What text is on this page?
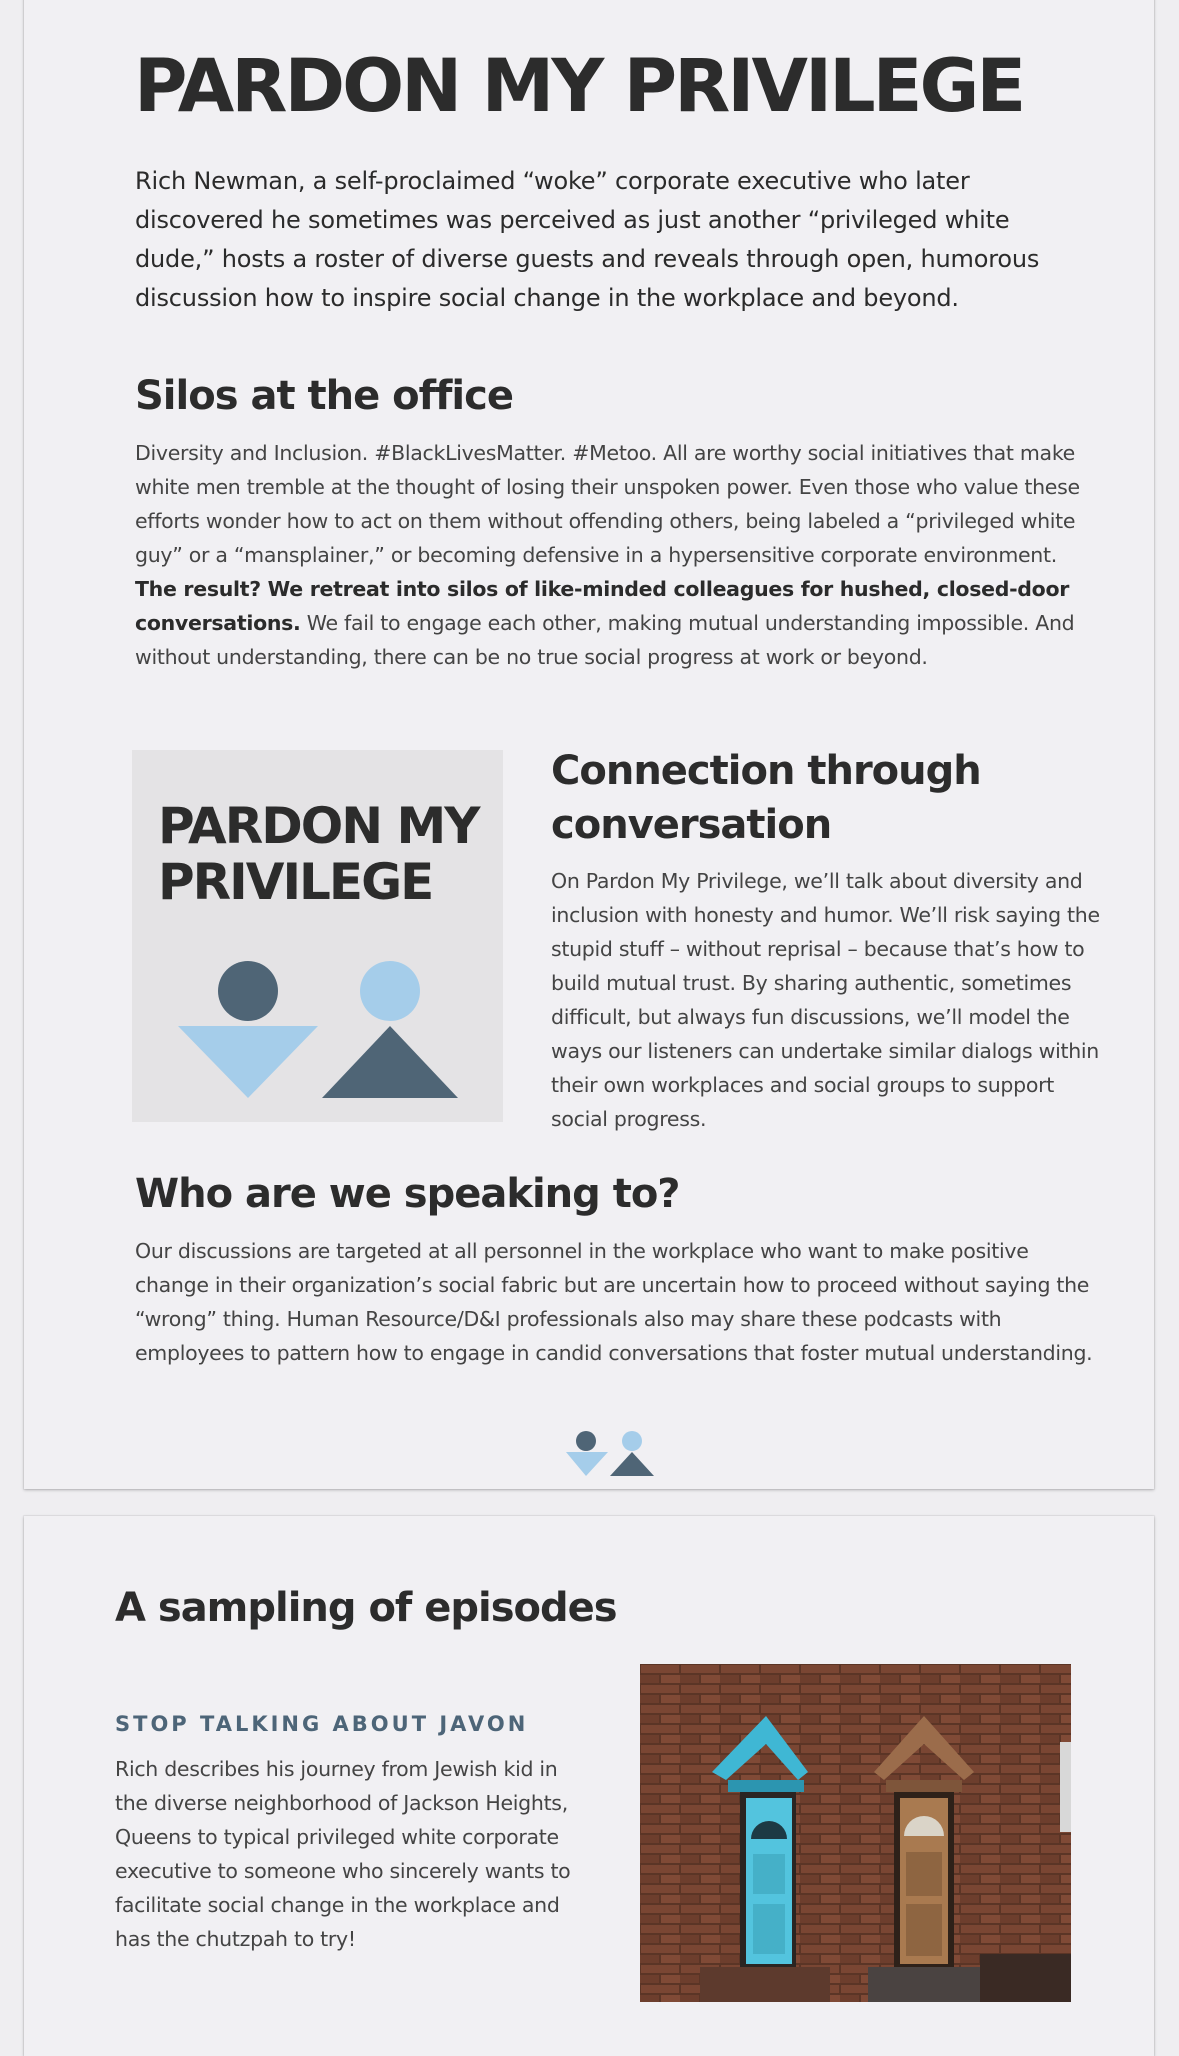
PARDON MY PRIVILEGE

Rich Newman, a self-proclaimed “woke” corporate executive who later discovered he sometimes was perceived as just another “privileged white dude,” hosts a roster of diverse guests and reveals through open, humorous discussion how to inspire social change in the workplace and beyond.

Silos at the office

Diversity and Inclusion. #BlackLivesMatter. #Metoo. All are worthy social initiatives that make white men tremble at the thought of losing their unspoken power. Even those who value these efforts wonder how to act on them without offending others, being labeled a “privileged white guy” or a “mansplainer,” or becoming defensive in a hypersensitive corporate environment. The result? We retreat into silos of like-minded colleagues for hushed, closed-door conversations. We fail to engage each other, making mutual understanding impossible. And without understanding, there can be no true social progress at work or beyond.

PARDON MY
PRIVILEGE
Connection through conversation

On Pardon My Privilege, we’ll talk about diversity and inclusion with honesty and humor. We’ll risk saying the stupid stuff – without reprisal – because that’s how to build mutual trust. By sharing authentic, sometimes difficult, but always fun discussions, we’ll model the ways our listeners can undertake similar dialogs within their own workplaces and social groups to support social progress.

Who are we speaking to?

Our discussions are targeted at all personnel in the workplace who want to make positive change in their organization’s social fabric but are uncertain how to proceed without saying the “wrong” thing. Human Resource/D&I professionals also may share these podcasts with employees to pattern how to engage in candid conversations that foster mutual understanding.

A sampling of episodes
STOP TALKING ABOUT JAVON

Rich describes his journey from Jewish kid in the diverse neighborhood of Jackson Heights, Queens to typical privileged white corporate executive to someone who sincerely wants to facilitate social change in the workplace and has the chutzpah to try!
